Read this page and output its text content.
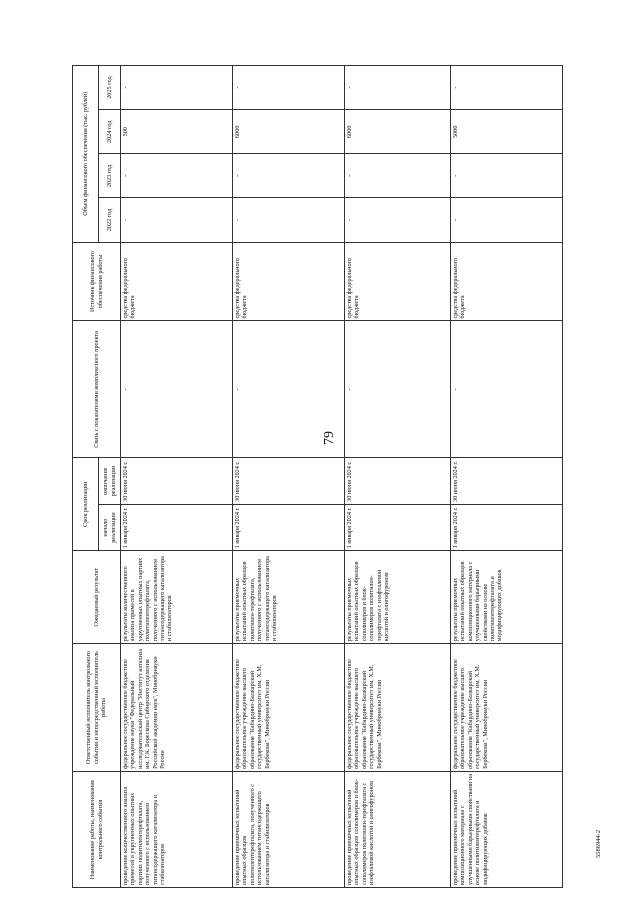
79
5586944-2
Наименование работы, наименование контрольного события	Ответственный исполнитель контрольного события и непосредственный исполнитель работы	Ожидаемый результат	Срок реализации		Связь с показателями комплексного проекта	Источник финансового обеспечения работы	Объем финансового обеспечения (тыс. рублей)			
			начало реализации	окончание реализации			2022 год	2023 год	2024 год	2025 год
проведение количественного анализа примесей в укрупненных опытных партиях политилентерефталата, полученного с использованием титансодержащего катализатора и стабилизаторов	федеральное государственное бюджетное учреждение науки "Федеральный исследовательский центр "Институт катализа им. Г.К. Борескова Сибирского отделения Российской академии наук", Минобрнауки России	результаты количественного анализа примесей в укрупненных опытных партиях политилентерефталата, полученного с использованием титансодержащего катализатора и стабилизаторов	1 января 2024 г.	30 июня 2024 г.	-	средства федерального бюджета	-	-	500	-
проведение приемочных испытаний опытных образцов политилентерефталата, полученного с использованием титансодержащего катализатора и стабилизаторов	федеральное государственное бюджетное образовательное учреждение высшего образования "Кабардино-Балкарский государственный университет им. Х.М. Бербекова", Минобрнауки России	результаты приемочных испытаний опытных образцов политилен-терефталата, полученного с использованием титансодержащего катализатора и стабилизаторов	1 января 2024 г.	30 июня 2024 г.	-	средства федерального бюджета	-	-	6000	-
проведение приемочных испытаний опытных образцов сополимеров и блок-сополимеров политилен-терефталата с изофталевой кислотой и олигофуроном	федеральное государственное бюджетное образовательное учреждение высшего образования "Кабардино-Балкарский государственный университет им. Х.М. Бербекова", Минобрнауки России	результаты приемочных испытаний опытных образцов сополимеров и блок-сополимеров политилен-терефталата с изофталевой кислотой и олигофуроном	1 января 2024 г.	30 июня 2024 г.	-	средства федерального бюджета	-	-	6000	-
проведение приемочных испытаний композиционного материала с улучшенными барьерными свойствами на основе политилентерефталата и модифицирующих добавок	федеральное государственное бюджетное образовательное учреждение высшего образования "Кабардино-Балкарский государственный университет им. Х.М. Бербекова", Минобрнауки России	результаты приемочных испытаний опытных образцов композиционного материала с улучшенными барьерными свойствами на основе политилентерефталата и модифицирующих добавок	1 января 2024 г.	30 июня 2024 г.	-	средства федерального бюджета	-	-	5000	-
